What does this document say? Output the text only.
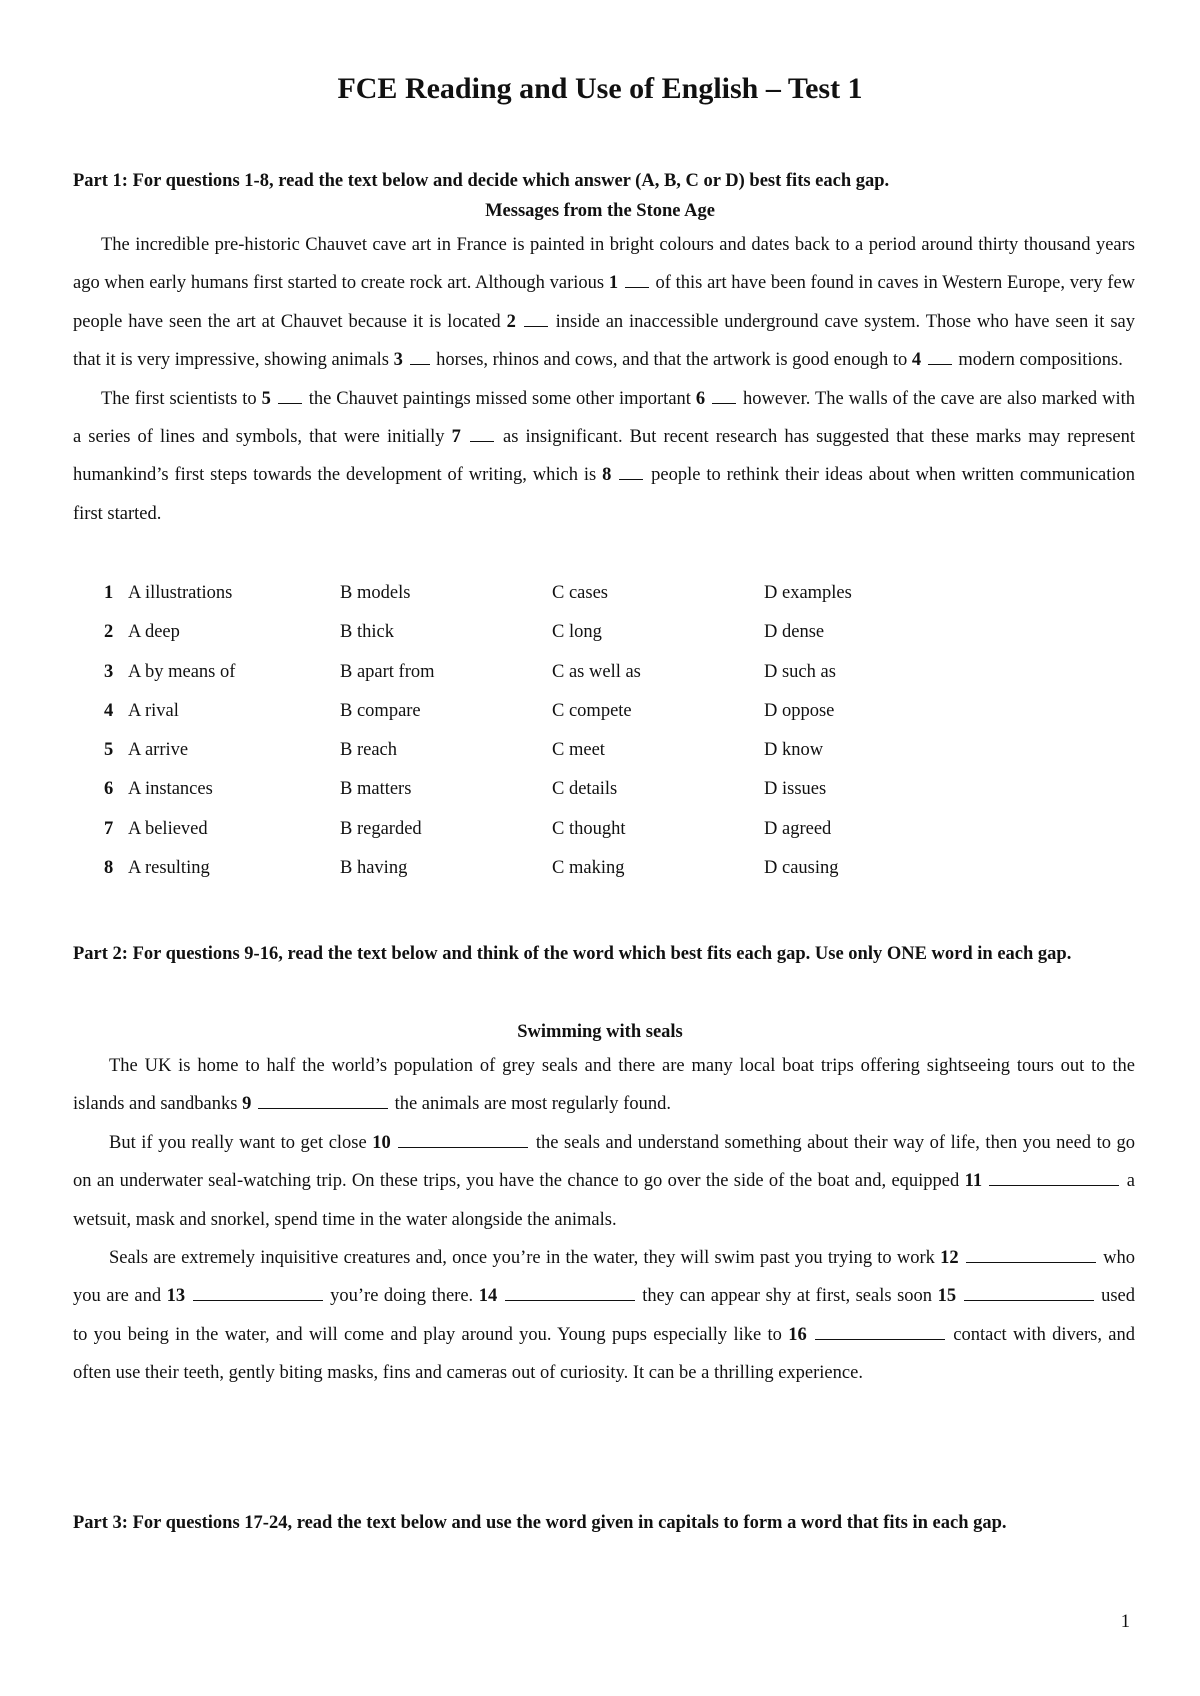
FCE Reading and Use of English – Test 1
Part 1: For questions 1-8, read the text below and decide which answer (A, B, C or D) best fits each gap.
Messages from the Stone Age

The incredible pre-historic Chauvet cave art in France is painted in bright colours and dates back to a period around thirty thousand years ago when early humans first started to create rock art. Although various 1 of this art have been found in caves in Western Europe, very few people have seen the art at Chauvet because it is located 2 inside an inaccessible underground cave system. Those who have seen it say that it is very impressive, showing animals 3 horses, rhinos and cows, and that the artwork is good enough to 4 modern compositions.

The first scientists to 5 the Chauvet paintings missed some other important 6 however. The walls of the cave are also marked with a series of lines and symbols, that were initially 7 as insignificant. But recent research has suggested that these marks may represent humankind’s first steps towards the development of writing, which is 8 people to rethink their ideas about when written communication first started.

1 A illustrations	B models	C cases	D examples
2 A deep	B thick	C long	D dense
3 A by means of	B apart from	C as well as	D such as
4 A rival	B compare	C compete	D oppose
5 A arrive	B reach	C meet	D know
6 A instances	B matters	C details	D issues
7 A believed	B regarded	C thought	D agreed
8 A resulting	B having	C making	D causing
Part 2: For questions 9-16, read the text below and think of the word which best fits each gap. Use only ONE word in each gap.
Swimming with seals

The UK is home to half the world’s population of grey seals and there are many local boat trips offering sightseeing tours out to the islands and sandbanks 9	the animals are most regularly found.

But if you really want to get close 10	the seals and understand something about their way of life, then you need to go on an underwater seal-watching trip. On these trips, you have the chance to go over the side of the boat and, equipped 11	a wetsuit, mask and snorkel, spend time in the water alongside the animals.

Seals are extremely inquisitive creatures and, once you’re in the water, they will swim past you trying to work 12	who you are and 13	you’re doing there. 14	they can appear shy at first, seals soon 15	used to you being in the water, and will come and play around you. Young pups especially like to 16	contact with divers, and often use their teeth, gently biting masks, fins and cameras out of curiosity. It can be a thrilling experience.

Part 3: For questions 17-24, read the text below and use the word given in capitals to form a word that fits in each gap.
1
